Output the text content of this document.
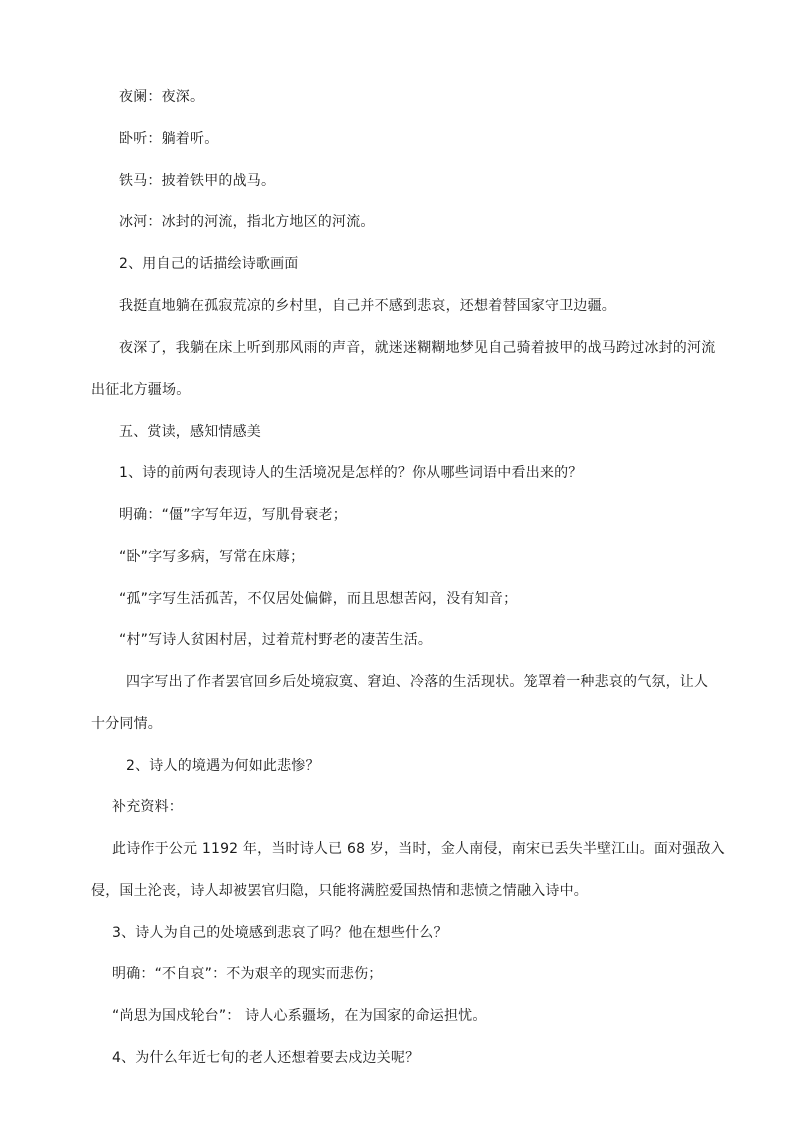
夜阑：夜深。
卧听：躺着听。
铁马：披着铁甲的战马。
冰河：冰封的河流，指北方地区的河流。
2、用自己的话描绘诗歌画面
我挺直地躺在孤寂荒凉的乡村里，自己并不感到悲哀，还想着替国家守卫边疆。
夜深了，我躺在床上听到那风雨的声音，就迷迷糊糊地梦见自己骑着披甲的战马跨过冰封的河流
出征北方疆场。
五、赏读，感知情感美
1、诗的前两句表现诗人的生活境况是怎样的？你从哪些词语中看出来的？
明确：“僵”字写年迈，写肌骨衰老；
“卧”字写多病，写常在床蓐；
“孤”字写生活孤苦，不仅居处偏僻，而且思想苦闷，没有知音；
“村”写诗人贫困村居，过着荒村野老的凄苦生活。
四字写出了作者罢官回乡后处境寂寞、窘迫、冷落的生活现状。笼罩着一种悲哀的气氛，让人
十分同情。
2、诗人的境遇为何如此悲惨？
补充资料：
此诗作于公元 1192 年，当时诗人已 68 岁，当时，金人南侵，南宋已丢失半壁江山。面对强敌入
侵，国土沦丧，诗人却被罢官归隐，只能将满腔爱国热情和悲愤之情融入诗中。
3、诗人为自己的处境感到悲哀了吗？他在想些什么？
明确：“不自哀”：不为艰辛的现实而悲伤；
“尚思为国戍轮台”： 诗人心系疆场，在为国家的命运担忧。
4、为什么年近七旬的老人还想着要去戍边关呢？
